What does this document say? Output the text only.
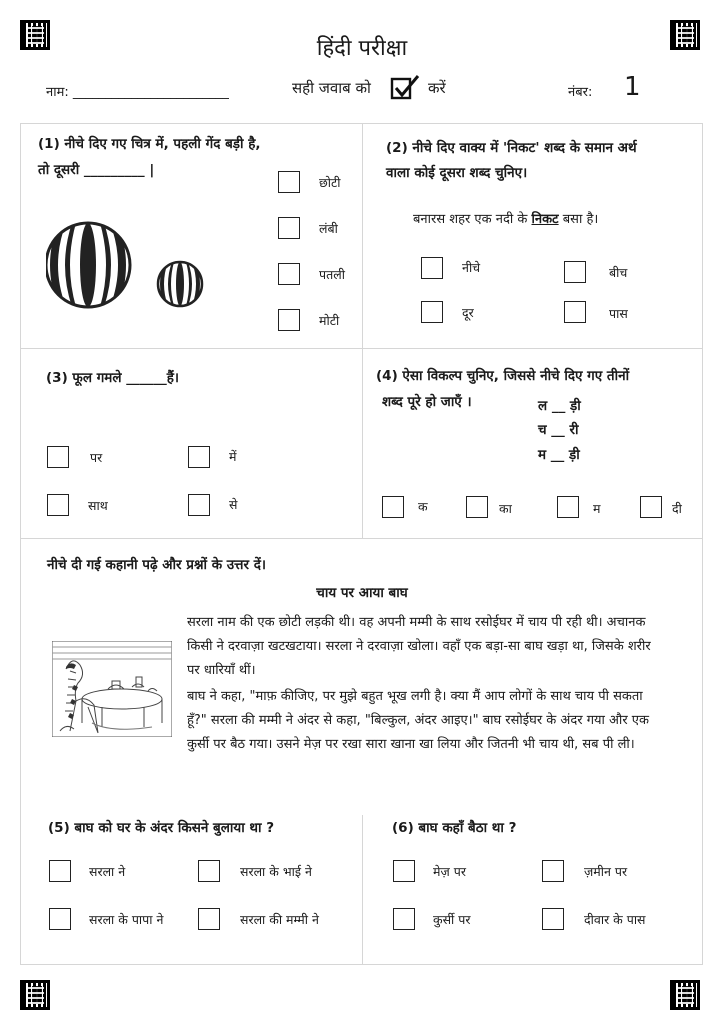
हिंदी परीक्षा
नाम: ________________________	सही जवाब को	करें	नंबर: 1
(1) नीचे दिए गए चित्र में, पहली गेंद बड़ी है,
तो दूसरी _________ |
छोटी
लंबी
पतली
मोटी
(2) नीचे दिए वाक्य में 'निकट' शब्द के समान अर्थ
वाला कोई दूसरा शब्द चुनिए।
बनारस शहर एक नदी के निकट बसा है।
नीचे	बीच
दूर	पास
(3) फूल गमले ______हैं।
पर	में
साथ	से
(4) ऐसा विकल्प चुनिए, जिससे नीचे दिए गए तीनों
शब्द पूरे हो जाएँ ।	ल __ ड़ी
च __ री
म __ ड़ी
क	का	म	दी
नीचे दी गई कहानी पढ़े और प्रश्नों के उत्तर दें।
चाय पर आया बाघ
सरला नाम की एक छोटी लड़की थी। वह अपनी मम्मी के साथ रसोईघर में चाय पी रही थी। अचानक
किसी ने दरवाज़ा खटखटाया। सरला ने दरवाज़ा खोला। वहाँ एक बड़ा-सा बाघ खड़ा था, जिसके शरीर
पर धारियाँ थीं।
बाघ ने कहा, "माफ़ कीजिए, पर मुझे बहुत भूख लगी है। क्या मैं आप लोगों के साथ चाय पी सकता
हूँ?" सरला की मम्मी ने अंदर से कहा, "बिल्कुल, अंदर आइए।" बाघ रसोईघर के अंदर गया और एक
कुर्सी पर बैठ गया। उसने मेज़ पर रखा सारा खाना खा लिया और जितनी भी चाय थी, सब पी ली।
(5) बाघ को घर के अंदर किसने बुलाया था ?
सरला ने	सरला के भाई ने
सरला के पापा ने	सरला की मम्मी ने
(6) बाघ कहाँ बैठा था ?
मेज़ पर	ज़मीन पर
कुर्सी पर	दीवार के पास
